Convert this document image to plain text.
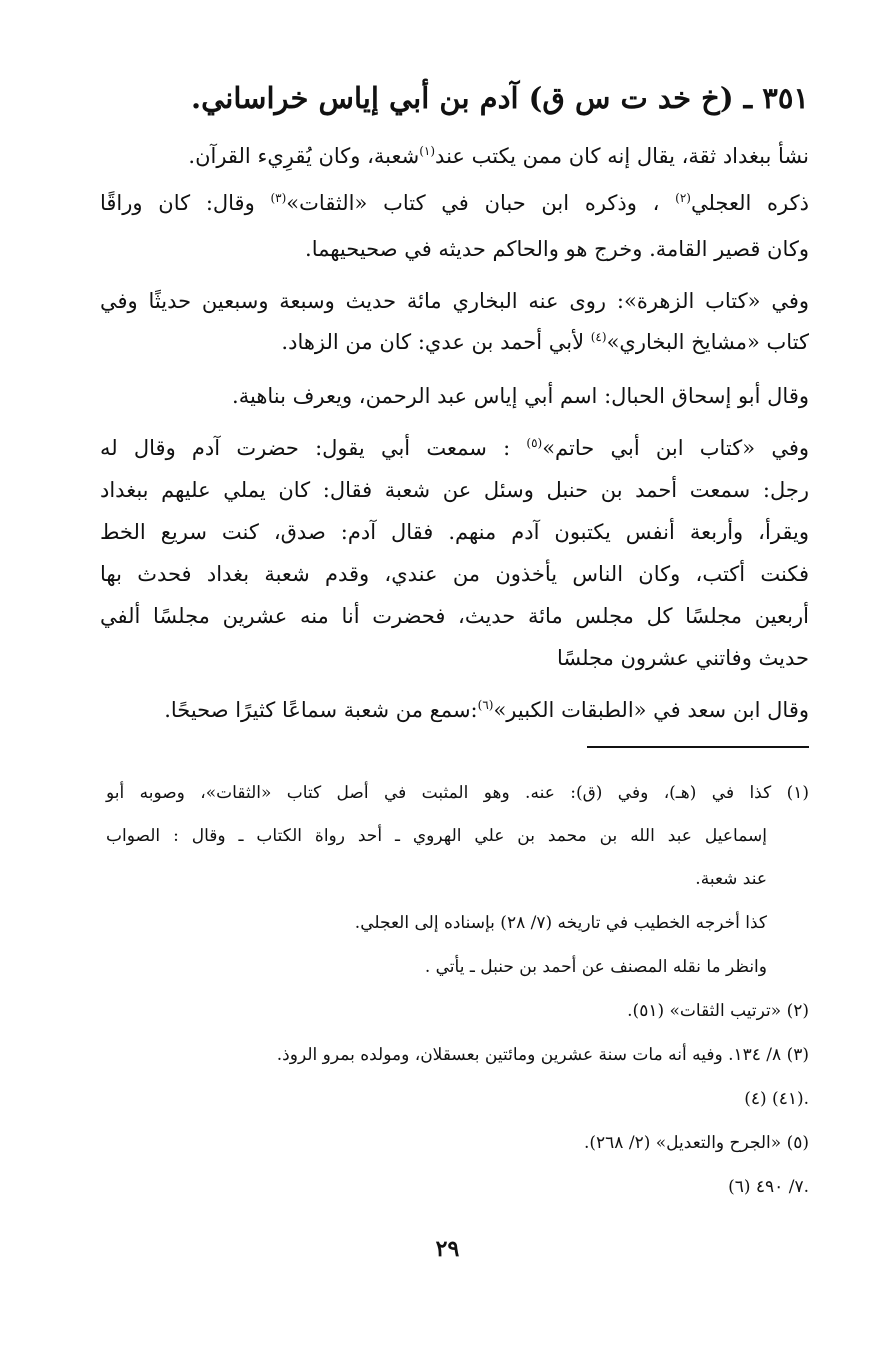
٣٥١ ـ (خ خد ت س ق) آدم بن أبي إياس خراساني.
نشأ ببغداد ثقة، يقال إنه كان ممن يكتب عند$^{(١)}$شعبة، وكان يُقرِيء القرآن.
ذكره العجلي$^{(٢)}$ ، وذكره ابن حبان في كتاب «الثقات»$^{(٣)}$ وقال: كان وراقًا
وكان قصير القامة. وخرج هو والحاكم حديثه في صحيحيهما.
وفي «كتاب الزهرة»: روى عنه البخاري مائة حديث وسبعة وسبعين حديثًا وفي
كتاب «مشايخ البخاري»$^{(٤)}$ لأبي أحمد بن عدي: كان من الزهاد.
وقال أبو إسحاق الحبال: اسم أبي إياس عبد الرحمن، ويعرف بناهية.
وفي «كتاب ابن أبي حاتم»$^{(٥)}$ : سمعت أبي يقول: حضرت آدم وقال له
رجل: سمعت أحمد بن حنبل وسئل عن شعبة فقال: كان يملي عليهم ببغداد
ويقرأ، وأربعة أنفس يكتبون آدم منهم. فقال آدم: صدق، كنت سريع الخط
فكنت أكتب، وكان الناس يأخذون من عندي، وقدم شعبة بغداد فحدث بها
أربعين مجلسًا كل مجلس مائة حديث، فحضرت أنا منه عشرين مجلسًا ألفي
حديث وفاتني عشرون مجلسًا
وقال ابن سعد في «الطبقات الكبير»$^{(٦)}$:سمع من شعبة سماعًا كثيرًا صحيحًا.
(١) كذا في (هـ)، وفي (ق): عنه. وهو المثبت في أصل كتاب «الثقات»، وصوبه أبو
إسماعيل عبد الله بن محمد بن علي الهروي ـ أحد رواة الكتاب ـ وقال : الصواب
عند شعبة.
كذا أخرجه الخطيب في تاريخه (٧/ ٢٨) بإسناده إلى العجلي.
وانظر ما نقله المصنف عن أحمد بن حنبل ـ يأتي .
(٢) «ترتيب الثقات» (٥١).
(٣) ٨/ ١٣٤. وفيه أنه مات سنة عشرين ومائتين بعسقلان، ومولده بمرو الروذ.
(٤) (٤١).
(٥) «الجرح والتعديل» (٢/ ٢٦٨).
(٦) ٧/ ٤٩٠.
٢٩
